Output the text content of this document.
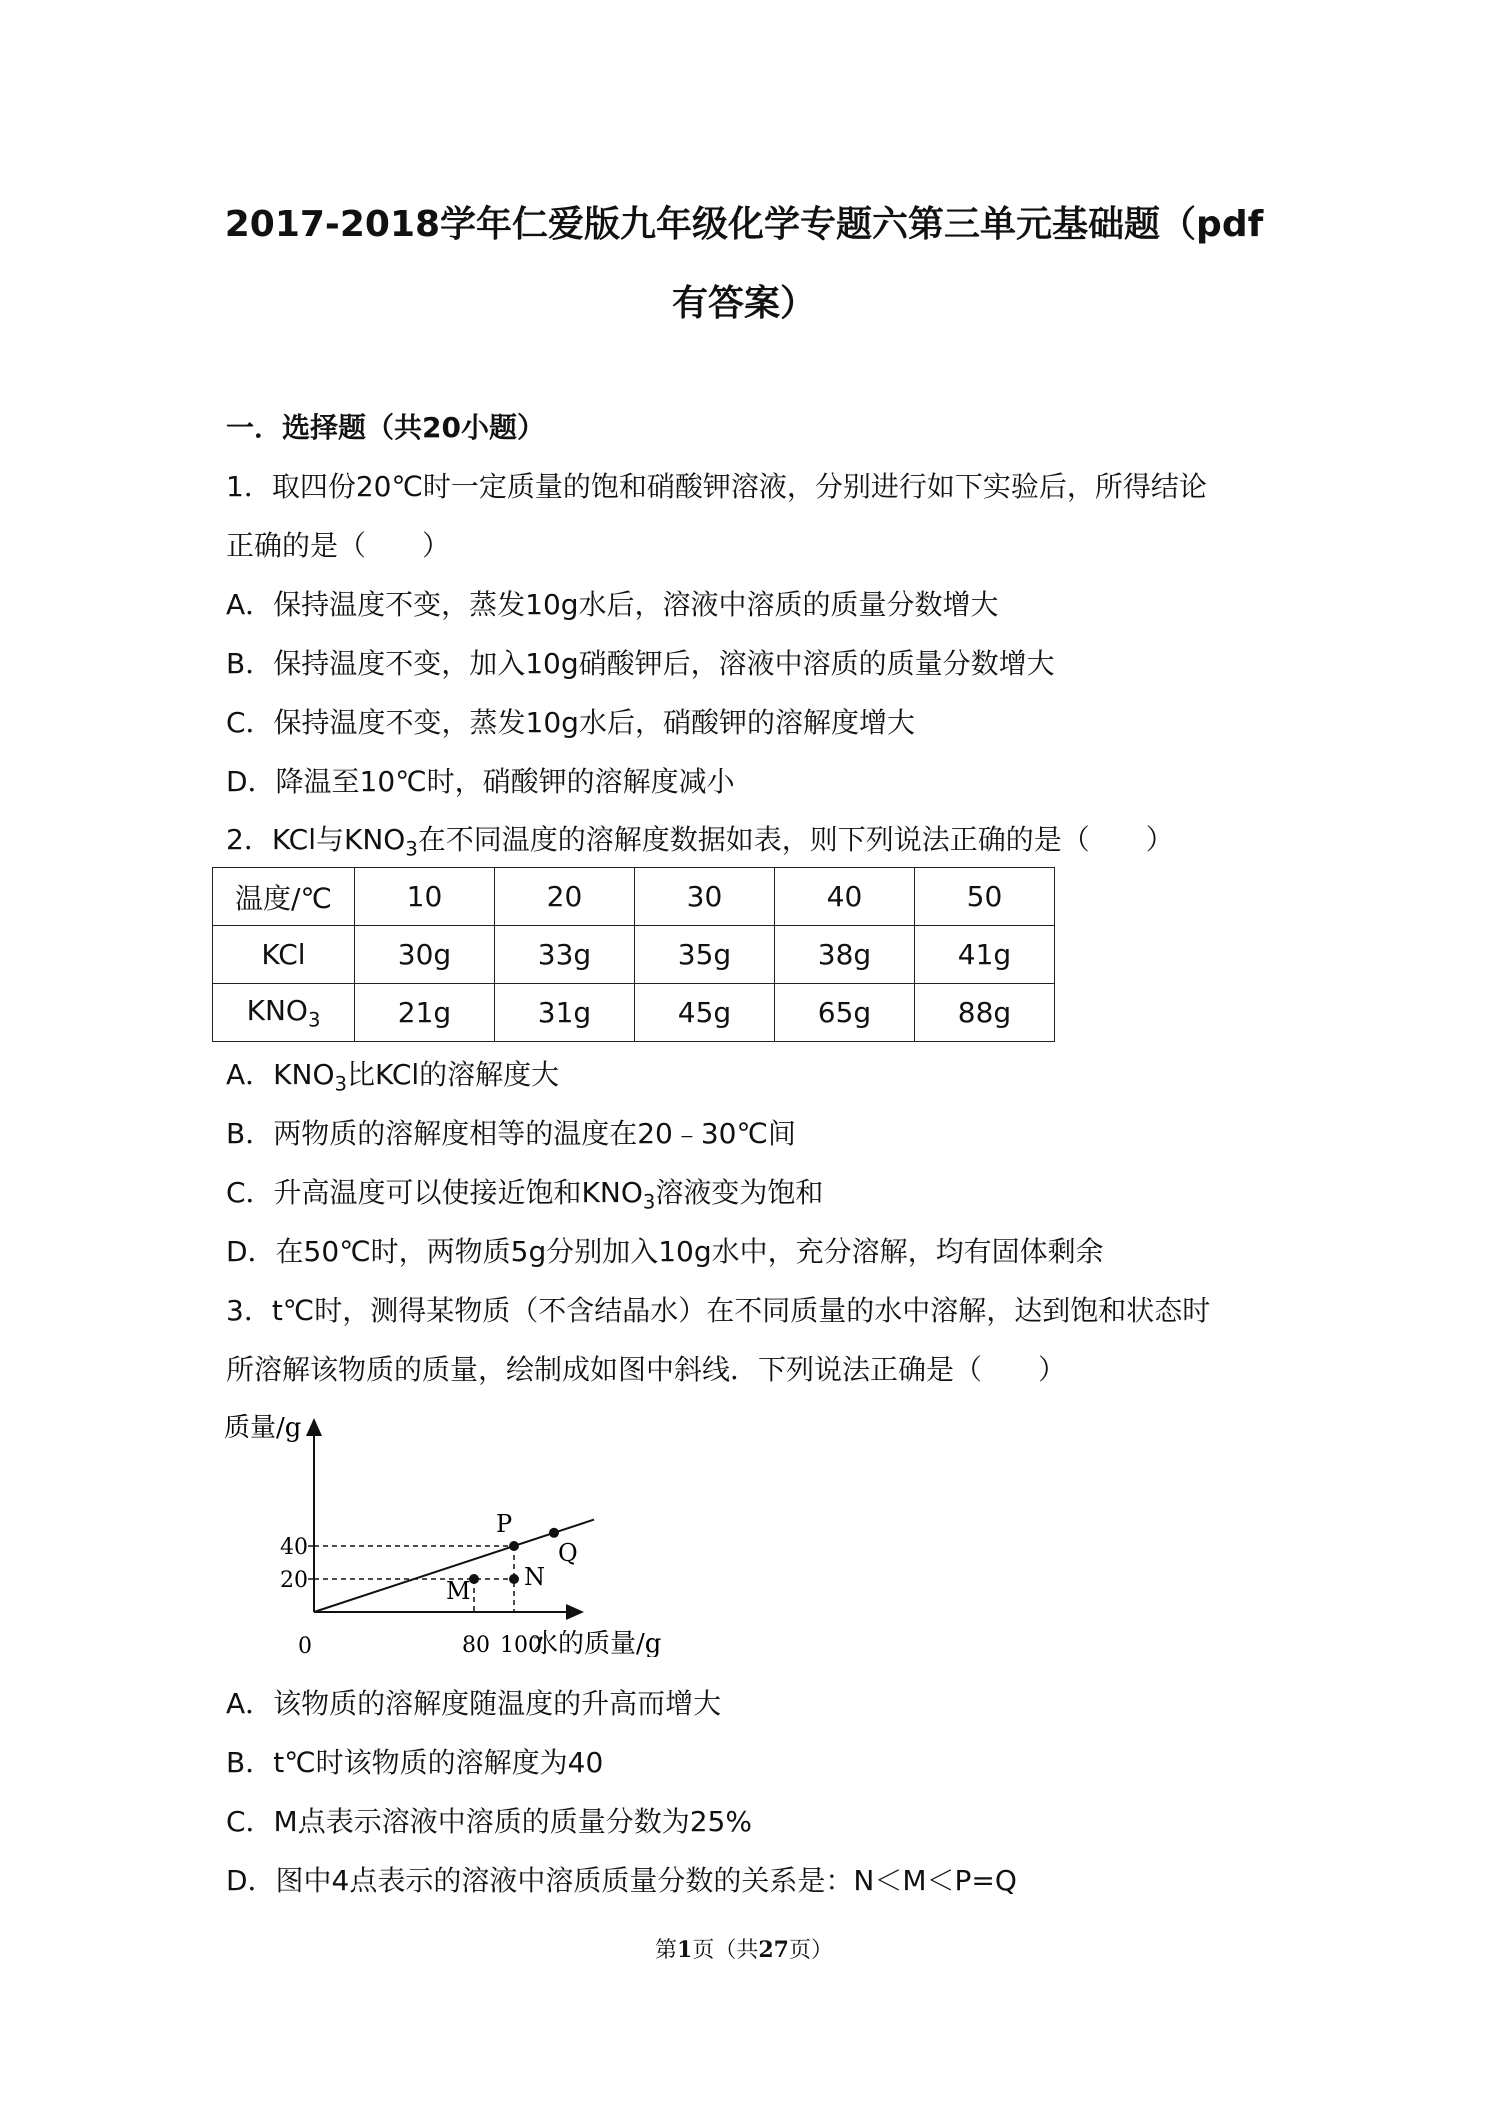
2017-2018学年仁爱版九年级化学专题六第三单元基础题（pdf
有答案）
一．选择题（共20小题）
1．取四份20℃时一定质量的饱和硝酸钾溶液，分别进行如下实验后，所得结论
正确的是（　　）
A．保持温度不变，蒸发10g水后，溶液中溶质的质量分数增大
B．保持温度不变，加入10g硝酸钾后，溶液中溶质的质量分数增大
C．保持温度不变，蒸发10g水后，硝酸钾的溶解度增大
D．降温至10℃时，硝酸钾的溶解度减小
2．KCl与$KNO_3$在不同温度的溶解度数据如表，则下列说法正确的是（　　）
温度/℃	10	20	30	40	50
KCl	30g	33g	35g	38g	41g
$KNO_3$	21g	31g	45g	65g	88g
A．$KNO_3$比KCl的溶解度大
B．两物质的溶解度相等的温度在20﹣30℃间
C．升高温度可以使接近饱和$KNO_3$溶液变为饱和
D．在50℃时，两物质5g分别加入10g水中，充分溶解，均有固体剩余
3．t℃时，测得某物质（不含结晶水）在不同质量的水中溶解，达到饱和状态时
所溶解该物质的质量，绘制成如图中斜线．下列说法正确是（　　）
质量/g
水的质量/g
0
40
20
80 100
P
Q
N
M
A．该物质的溶解度随温度的升高而增大
B．t℃时该物质的溶解度为40
C．M点表示溶液中溶质的质量分数为25%
D．图中4点表示的溶液中溶质质量分数的关系是：N＜M＜P=Q
第1页（共27页）
